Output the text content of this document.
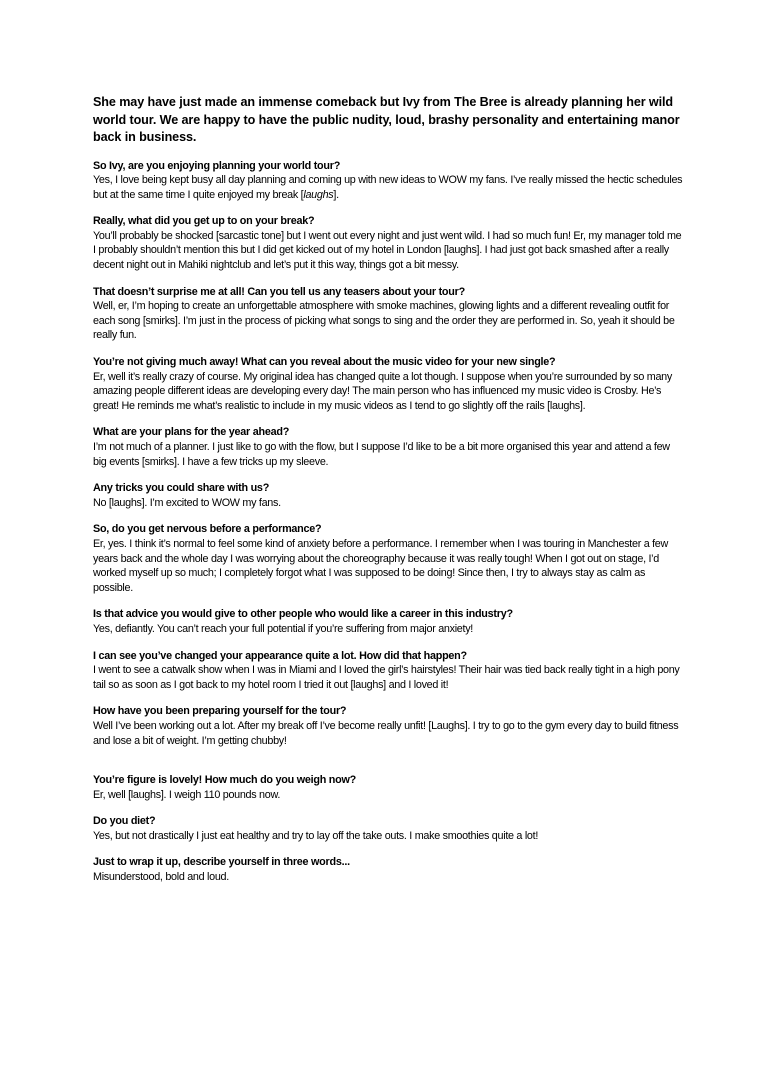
She may have just made an immense comeback but Ivy from The Bree is already planning her wild world tour. We are happy to have the public nudity, loud, brashy personality and entertaining manor back in business.

So Ivy, are you enjoying planning your world tour?

Yes, I love being kept busy all day planning and coming up with new ideas to WOW my fans. I’ve really missed the hectic schedules but at the same time I quite enjoyed my break [laughs].

Really, what did you get up to on your break?

You’ll probably be shocked [sarcastic tone] but I went out every night and just went wild. I had so much fun! Er, my manager told me I probably shouldn’t mention this but I did get kicked out of my hotel in London [laughs]. I had just got back smashed after a really decent night out in Mahiki nightclub and let’s put it this way, things got a bit messy.

That doesn’t surprise me at all! Can you tell us any teasers about your tour?

Well, er, I’m hoping to create an unforgettable atmosphere with smoke machines, glowing lights and a different revealing outfit for each song [smirks]. I’m just in the process of picking what songs to sing and the order they are performed in. So, yeah it should be really fun.

You’re not giving much away! What can you reveal about the music video for your new single?

Er, well it’s really crazy of course. My original idea has changed quite a lot though. I suppose when you’re surrounded by so many amazing people different ideas are developing every day! The main person who has influenced my music video is Crosby. He’s great! He reminds me what’s realistic to include in my music videos as I tend to go slightly off the rails [laughs].

What are your plans for the year ahead?

I’m not much of a planner. I just like to go with the flow, but I suppose I’d like to be a bit more organised this year and attend a few big events [smirks]. I have a few tricks up my sleeve.

Any tricks you could share with us?

No [laughs]. I’m excited to WOW my fans.

So, do you get nervous before a performance?

Er, yes. I think it’s normal to feel some kind of anxiety before a performance. I remember when I was touring in Manchester a few years back and the whole day I was worrying about the choreography because it was really tough! When I got out on stage, I’d worked myself up so much; I completely forgot what I was supposed to be doing! Since then, I try to always stay as calm as possible.

Is that advice you would give to other people who would like a career in this industry?

Yes, defiantly. You can’t reach your full potential if you’re suffering from major anxiety!

I can see you’ve changed your appearance quite a lot. How did that happen?

I went to see a catwalk show when I was in Miami and I loved the girl’s hairstyles! Their hair was tied back really tight in a high pony tail so as soon as I got back to my hotel room I tried it out [laughs] and I loved it!

How have you been preparing yourself for the tour?

Well I’ve been working out a lot. After my break off I’ve become really unfit! [Laughs]. I try to go to the gym every day to build fitness and lose a bit of weight. I’m getting chubby!

You’re figure is lovely! How much do you weigh now?

Er, well [laughs]. I weigh 110 pounds now.

Do you diet?

Yes, but not drastically I just eat healthy and try to lay off the take outs. I make smoothies quite a lot!

Just to wrap it up, describe yourself in three words...

Misunderstood, bold and loud.
